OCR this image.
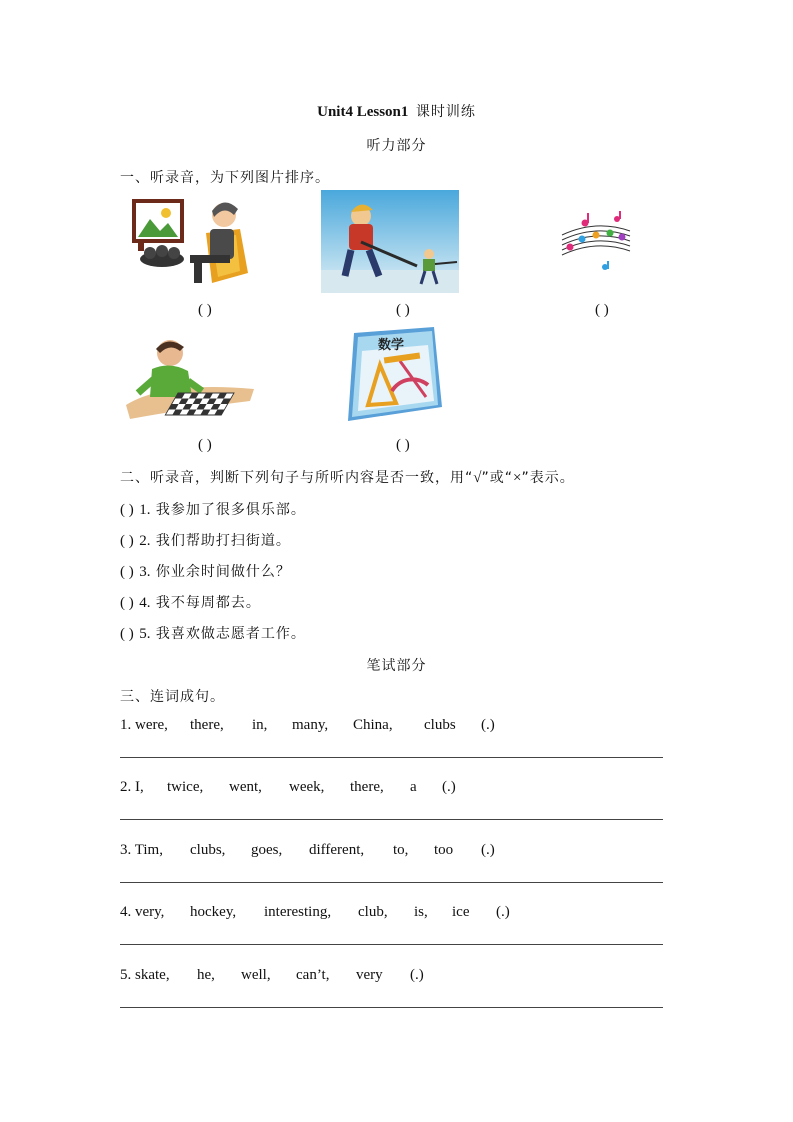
Unit4 Lesson1 课时训练
听力部分
一、听录音，为下列图片排序。
( )	( )	( )
数学
( )	( )
二、听录音，判断下列句子与所听内容是否一致，用“√”或“×”表示。
( ) 1. 我参加了很多俱乐部。
( ) 2. 我们帮助打扫街道。
( ) 3. 你业余时间做什么？
( ) 4. 我不每周都去。
( ) 5. 我喜欢做志愿者工作。
笔试部分
三、连词成句。
1. were, there, in, many, China, clubs (.)
2. I, twice, went, week, there, a (.)
3. Tim, clubs, goes, different, to, too (.)
4. very, hockey, interesting, club, is, ice (.)
5. skate, he, well, can’t, very (.)
